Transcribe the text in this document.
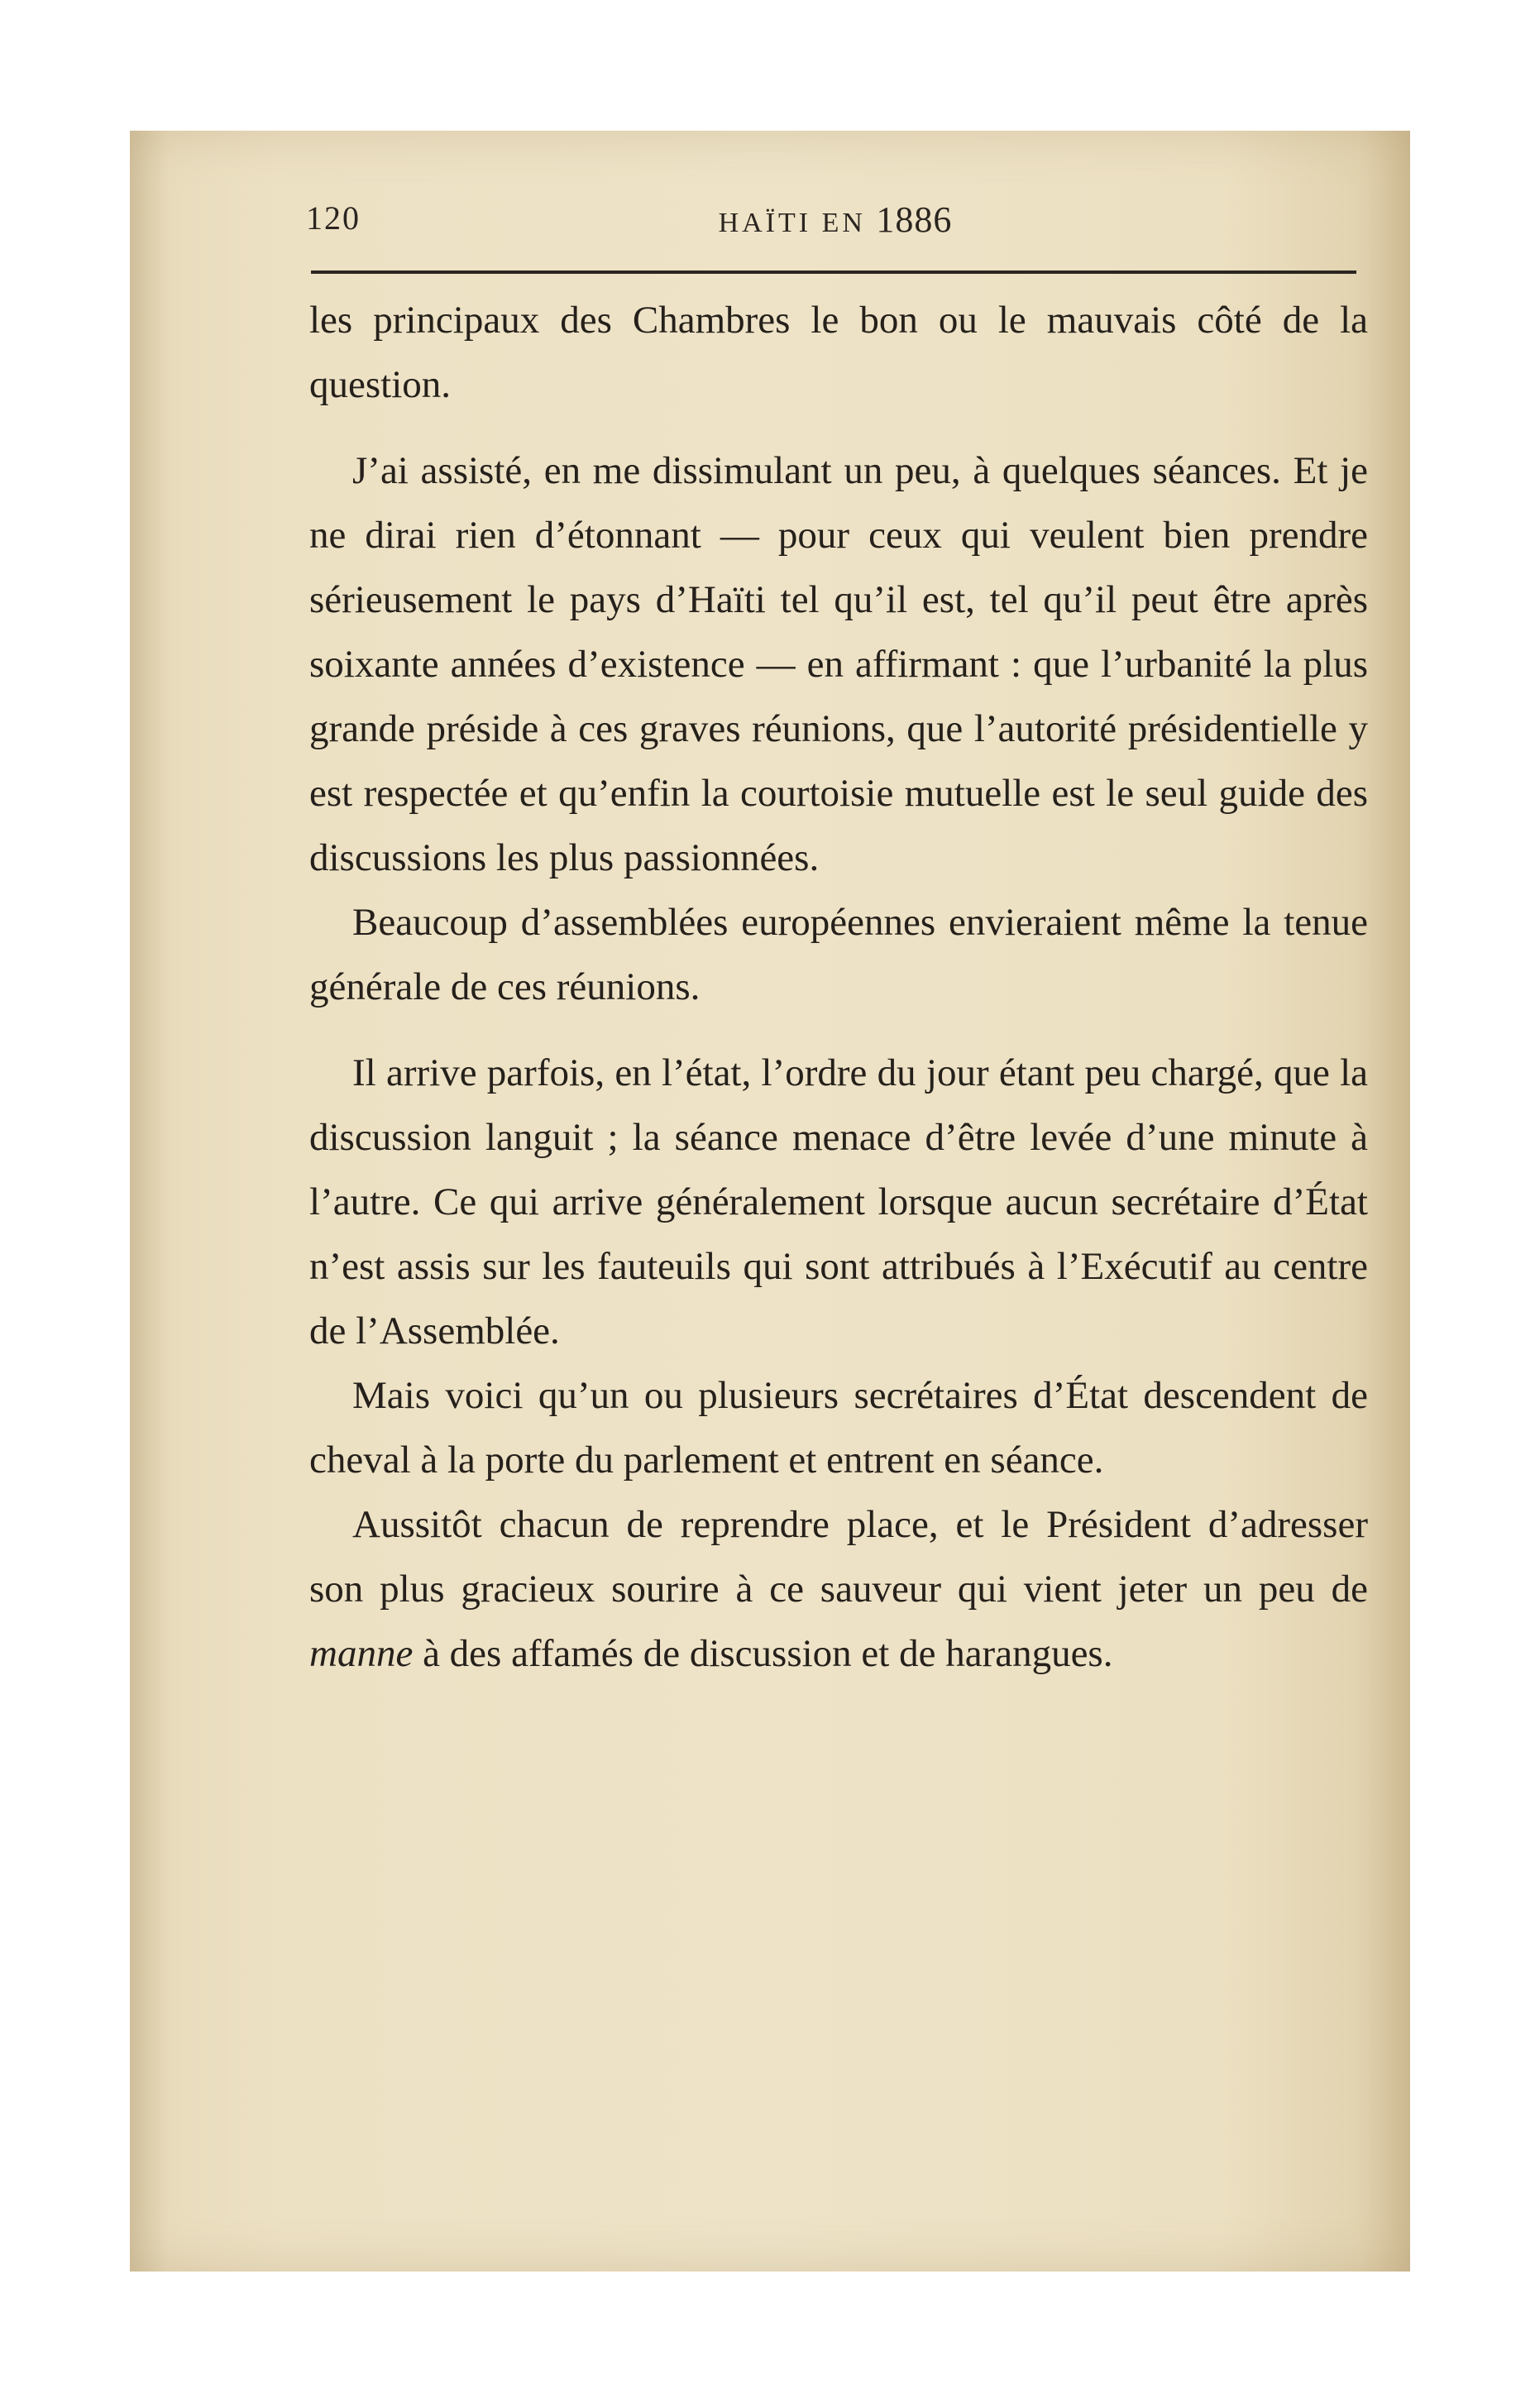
120	HAÏTI EN 1886

les principaux des Chambres le bon ou le mauvais côté de la question.

J’ai assisté, en me dissimulant un peu, à quelques séances. Et je ne dirai rien d’étonnant — pour ceux qui veulent bien prendre sérieusement le pays d’Haïti tel qu’il est, tel qu’il peut être après soixante années d’existence — en affirmant : que l’urbanité la plus grande préside à ces graves réunions, que l’autorité présidentielle y est respectée et qu’enfin la courtoisie mutuelle est le seul guide des discussions les plus passionnées.

Beaucoup d’assemblées européennes envieraient même la tenue générale de ces réunions.

Il arrive parfois, en l’état, l’ordre du jour étant peu chargé, que la discussion languit ; la séance menace d’être levée d’une minute à l’autre. Ce qui arrive généralement lorsque aucun secrétaire d’État n’est assis sur les fauteuils qui sont attribués à l’Exécutif au centre de l’Assemblée.

Mais voici qu’un ou plusieurs secrétaires d’État descendent de cheval à la porte du parlement et entrent en séance.

Aussitôt chacun de reprendre place, et le Président d’adresser son plus gracieux sourire à ce sauveur qui vient jeter un peu de manne à des affamés de discussion et de harangues.
